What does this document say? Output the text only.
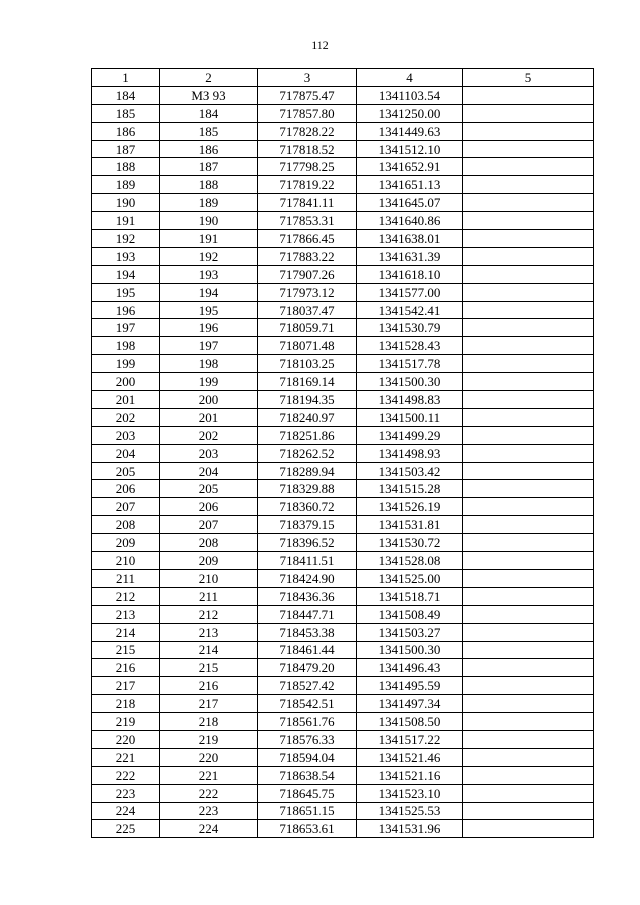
112
1	2	3	4	5
184	МЗ 93	717875.47	1341103.54	
185	184	717857.80	1341250.00	
186	185	717828.22	1341449.63	
187	186	717818.52	1341512.10	
188	187	717798.25	1341652.91	
189	188	717819.22	1341651.13	
190	189	717841.11	1341645.07	
191	190	717853.31	1341640.86	
192	191	717866.45	1341638.01	
193	192	717883.22	1341631.39	
194	193	717907.26	1341618.10	
195	194	717973.12	1341577.00	
196	195	718037.47	1341542.41	
197	196	718059.71	1341530.79	
198	197	718071.48	1341528.43	
199	198	718103.25	1341517.78	
200	199	718169.14	1341500.30	
201	200	718194.35	1341498.83	
202	201	718240.97	1341500.11	
203	202	718251.86	1341499.29	
204	203	718262.52	1341498.93	
205	204	718289.94	1341503.42	
206	205	718329.88	1341515.28	
207	206	718360.72	1341526.19	
208	207	718379.15	1341531.81	
209	208	718396.52	1341530.72	
210	209	718411.51	1341528.08	
211	210	718424.90	1341525.00	
212	211	718436.36	1341518.71	
213	212	718447.71	1341508.49	
214	213	718453.38	1341503.27	
215	214	718461.44	1341500.30	
216	215	718479.20	1341496.43	
217	216	718527.42	1341495.59	
218	217	718542.51	1341497.34	
219	218	718561.76	1341508.50	
220	219	718576.33	1341517.22	
221	220	718594.04	1341521.46	
222	221	718638.54	1341521.16	
223	222	718645.75	1341523.10	
224	223	718651.15	1341525.53	
225	224	718653.61	1341531.96	
